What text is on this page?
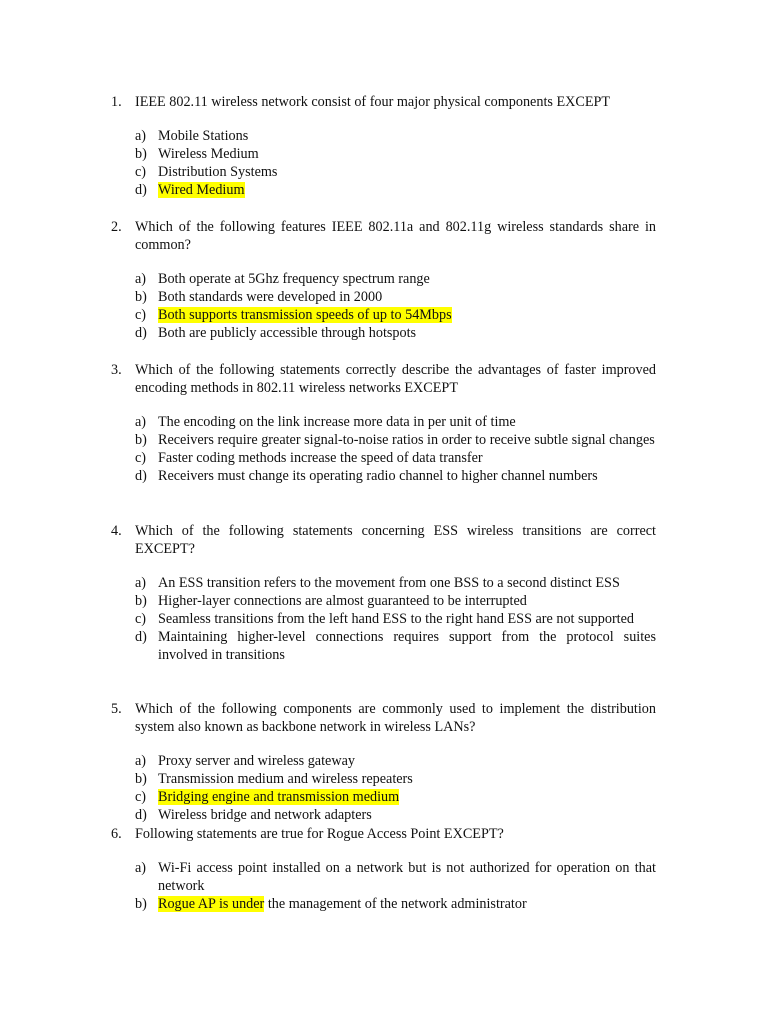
1. IEEE 802.11 wireless network consist of four major physical components EXCEPT
a) Mobile Stations
b) Wireless Medium
c) Distribution Systems
d) Wired Medium
2. Which of the following features IEEE 802.11a and 802.11g wireless standards share in common?
a) Both operate at 5Ghz frequency spectrum range
b) Both standards were developed in 2000
c) Both supports transmission speeds of up to 54Mbps
d) Both are publicly accessible through hotspots
3. Which of the following statements correctly describe the advantages of faster improved encoding methods in 802.11 wireless networks EXCEPT
a) The encoding on the link increase more data in per unit of time
b) Receivers require greater signal-to-noise ratios in order to receive subtle signal changes
c) Faster coding methods increase the speed of data transfer
d) Receivers must change its operating radio channel to higher channel numbers
4. Which of the following statements concerning ESS wireless transitions are correct EXCEPT?
a) An ESS transition refers to the movement from one BSS to a second distinct ESS
b) Higher-layer connections are almost guaranteed to be interrupted
c) Seamless transitions from the left hand ESS to the right hand ESS are not supported
d) Maintaining higher-level connections requires support from the protocol suites involved in transitions
5. Which of the following components are commonly used to implement the distribution system also known as backbone network in wireless LANs?
a) Proxy server and wireless gateway
b) Transmission medium and wireless repeaters
c) Bridging engine and transmission medium
d) Wireless bridge and network adapters
6. Following statements are true for Rogue Access Point EXCEPT?
a) Wi-Fi access point installed on a network but is not authorized for operation on that network
b) Rogue AP is under the management of the network administrator
